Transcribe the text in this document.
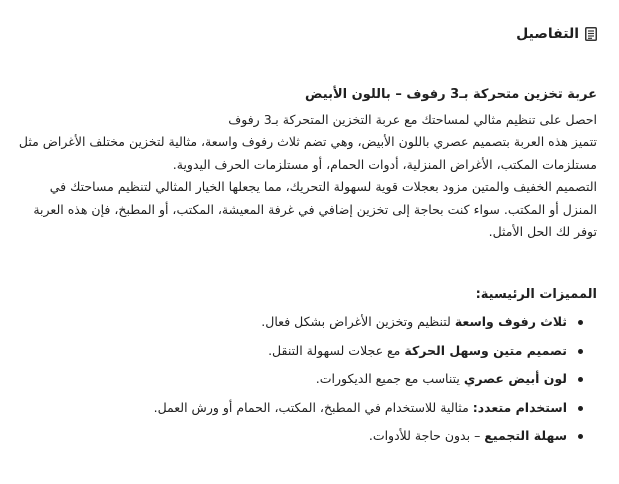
التفاصيل
عربة تخزين متحركة بـ3 رفوف – باللون الأبيض

احصل على تنظيم مثالي لمساحتك مع عربة التخزين المتحركة بـ3 رفوف

تتميز هذه العربة بتصميم عصري باللون الأبيض، وهي تضم ثلاث رفوف واسعة، مثالية لتخزين مختلف الأغراض مثل مستلزمات المكتب، الأغراض المنزلية، أدوات الحمام، أو مستلزمات الحرف اليدوية.

التصميم الخفيف والمتين مزود بعجلات قوية لسهولة التحريك، مما يجعلها الخيار المثالي لتنظيم مساحتك في المنزل أو المكتب. سواء كنت بحاجة إلى تخزين إضافي في غرفة المعيشة، المكتب، أو المطبخ، فإن هذه العربة توفر لك الحل الأمثل.

المميزات الرئيسية:
ثلاث رفوف واسعة لتنظيم وتخزين الأغراض بشكل فعال.
تصميم متين وسهل الحركة مع عجلات لسهولة التنقل.
لون أبيض عصري يتناسب مع جميع الديكورات.
استخدام متعدد: مثالية للاستخدام في المطبخ، المكتب، الحمام أو ورش العمل.
سهلة التجميع – بدون حاجة للأدوات.
